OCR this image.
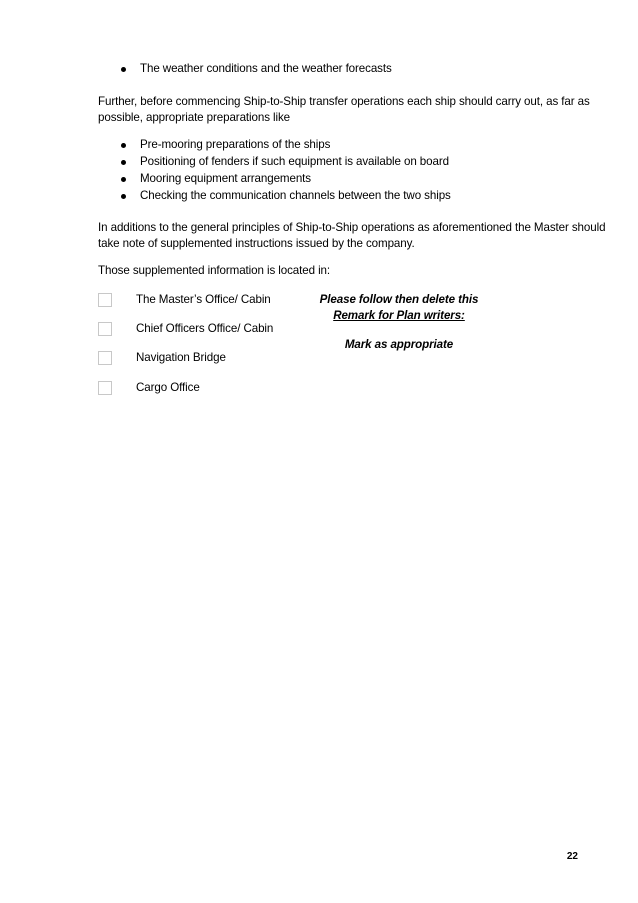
The weather conditions and the weather forecasts
Further, before commencing Ship-to-Ship transfer operations each ship should carry out, as far as
possible, appropriate preparations like
Pre-mooring preparations of the ships
Positioning of fenders if such equipment is available on board
Mooring equipment arrangements
Checking the communication channels between the two ships
In additions to the general principles of Ship-to-Ship operations as aforementioned the Master should
take note of supplemented instructions issued by the company.
Those supplemented information is located in:
The Master’s Office/ Cabin
Chief Officers Office/ Cabin
Navigation Bridge
Cargo Office
Please follow then delete this
Remark for Plan writers:
Mark as appropriate
22
